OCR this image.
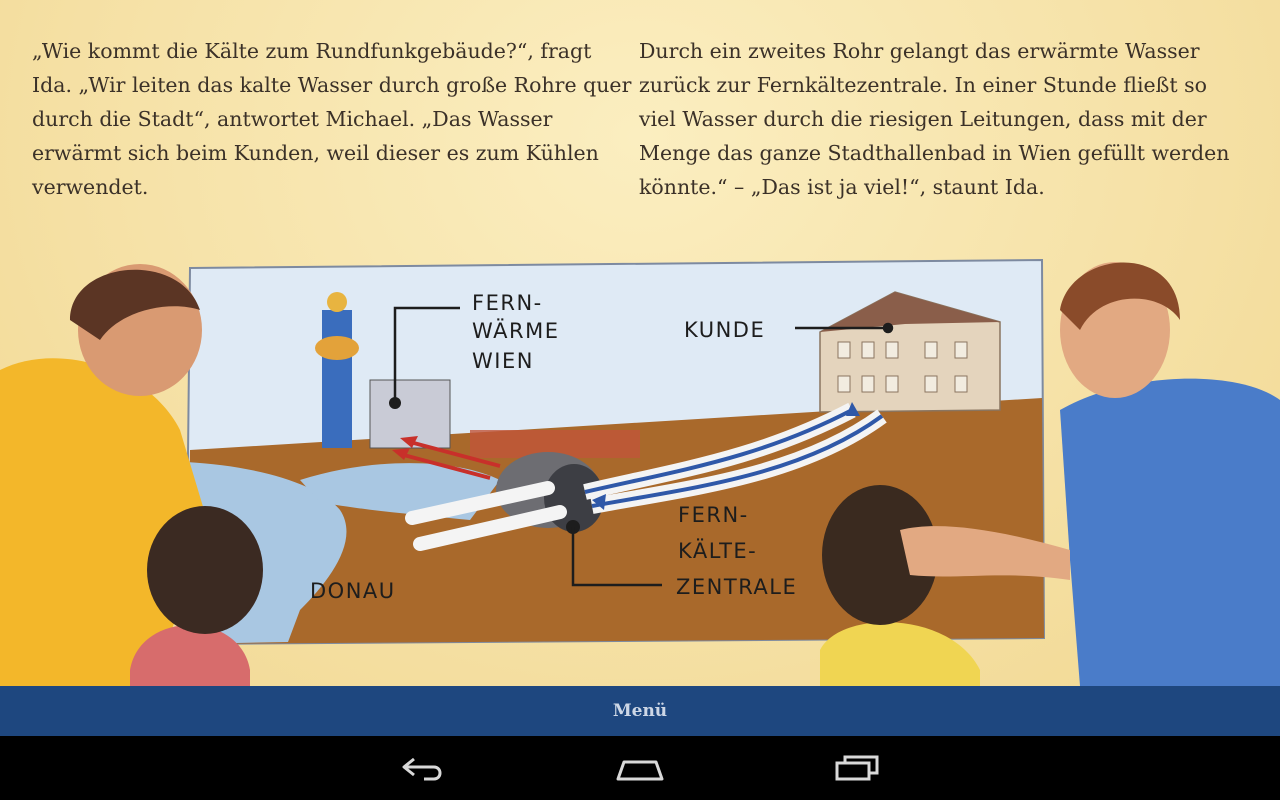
„Wie kommt die Kälte zum Rundfunkgebäude?“, fragt Ida. „Wir leiten das kalte Wasser durch große Rohre quer durch die Stadt“, antwortet Michael. „Das Wasser erwärmt sich beim Kunden, weil dieser es zum Kühlen verwendet.

Durch ein zweites Rohr gelangt das erwärmte Wasser zurück zur Fernkältezentrale. In einer Stunde fließt so viel Wasser durch die riesigen Leitungen, dass mit der Menge das ganze Stadthallenbad in Wien gefüllt werden könnte.“ – „Das ist ja viel!“, staunt Ida.

FERN-
WÄRME
WIEN
KUNDE
FERN-
KÄLTE-
ZENTRALE
DONAU
Menü
